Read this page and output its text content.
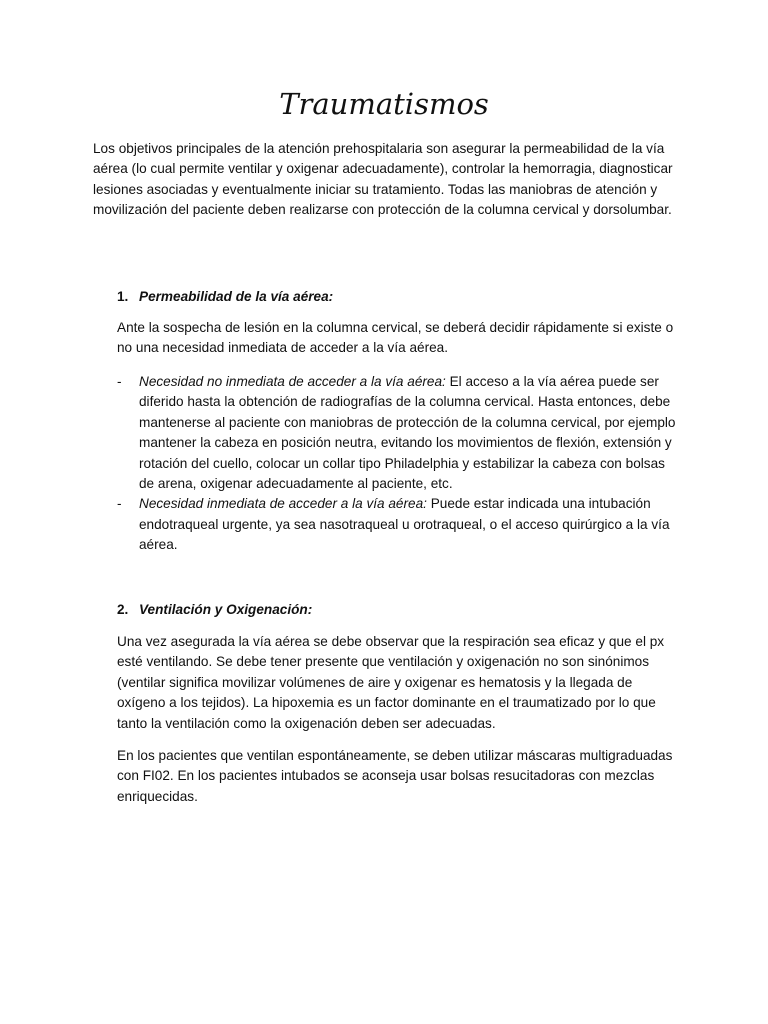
Traumatismos

Los objetivos principales de la atención prehospitalaria son asegurar la permeabilidad de la vía aérea (lo cual permite ventilar y oxigenar adecuadamente), controlar la hemorragia, diagnosticar lesiones asociadas y eventualmente iniciar su tratamiento. Todas las maniobras de atención y movilización del paciente deben realizarse con protección de la columna cervical y dorsolumbar.

1. Permeabilidad de la vía aérea:

Ante la sospecha de lesión en la columna cervical, se deberá decidir rápidamente si existe o no una necesidad inmediata de acceder a la vía aérea.

- Necesidad no inmediata de acceder a la vía aérea: El acceso a la vía aérea puede ser diferido hasta la obtención de radiografías de la columna cervical. Hasta entonces, debe mantenerse al paciente con maniobras de protección de la columna cervical, por ejemplo mantener la cabeza en posición neutra, evitando los movimientos de flexión, extensión y rotación del cuello, colocar un collar tipo Philadelphia y estabilizar la cabeza con bolsas de arena, oxigenar adecuadamente al paciente, etc.
- Necesidad inmediata de acceder a la vía aérea: Puede estar indicada una intubación endotraqueal urgente, ya sea nasotraqueal u orotraqueal, o el acceso quirúrgico a la vía aérea.

2. Ventilación y Oxigenación:

Una vez asegurada la vía aérea se debe observar que la respiración sea eficaz y que el px esté ventilando. Se debe tener presente que ventilación y oxigenación no son sinónimos (ventilar significa movilizar volúmenes de aire y oxigenar es hematosis y la llegada de oxígeno a los tejidos). La hipoxemia es un factor dominante en el traumatizado por lo que tanto la ventilación como la oxigenación deben ser adecuadas.

En los pacientes que ventilan espontáneamente, se deben utilizar máscaras multigraduadas con FI02. En los pacientes intubados se aconseja usar bolsas resucitadoras con mezclas enriquecidas.
